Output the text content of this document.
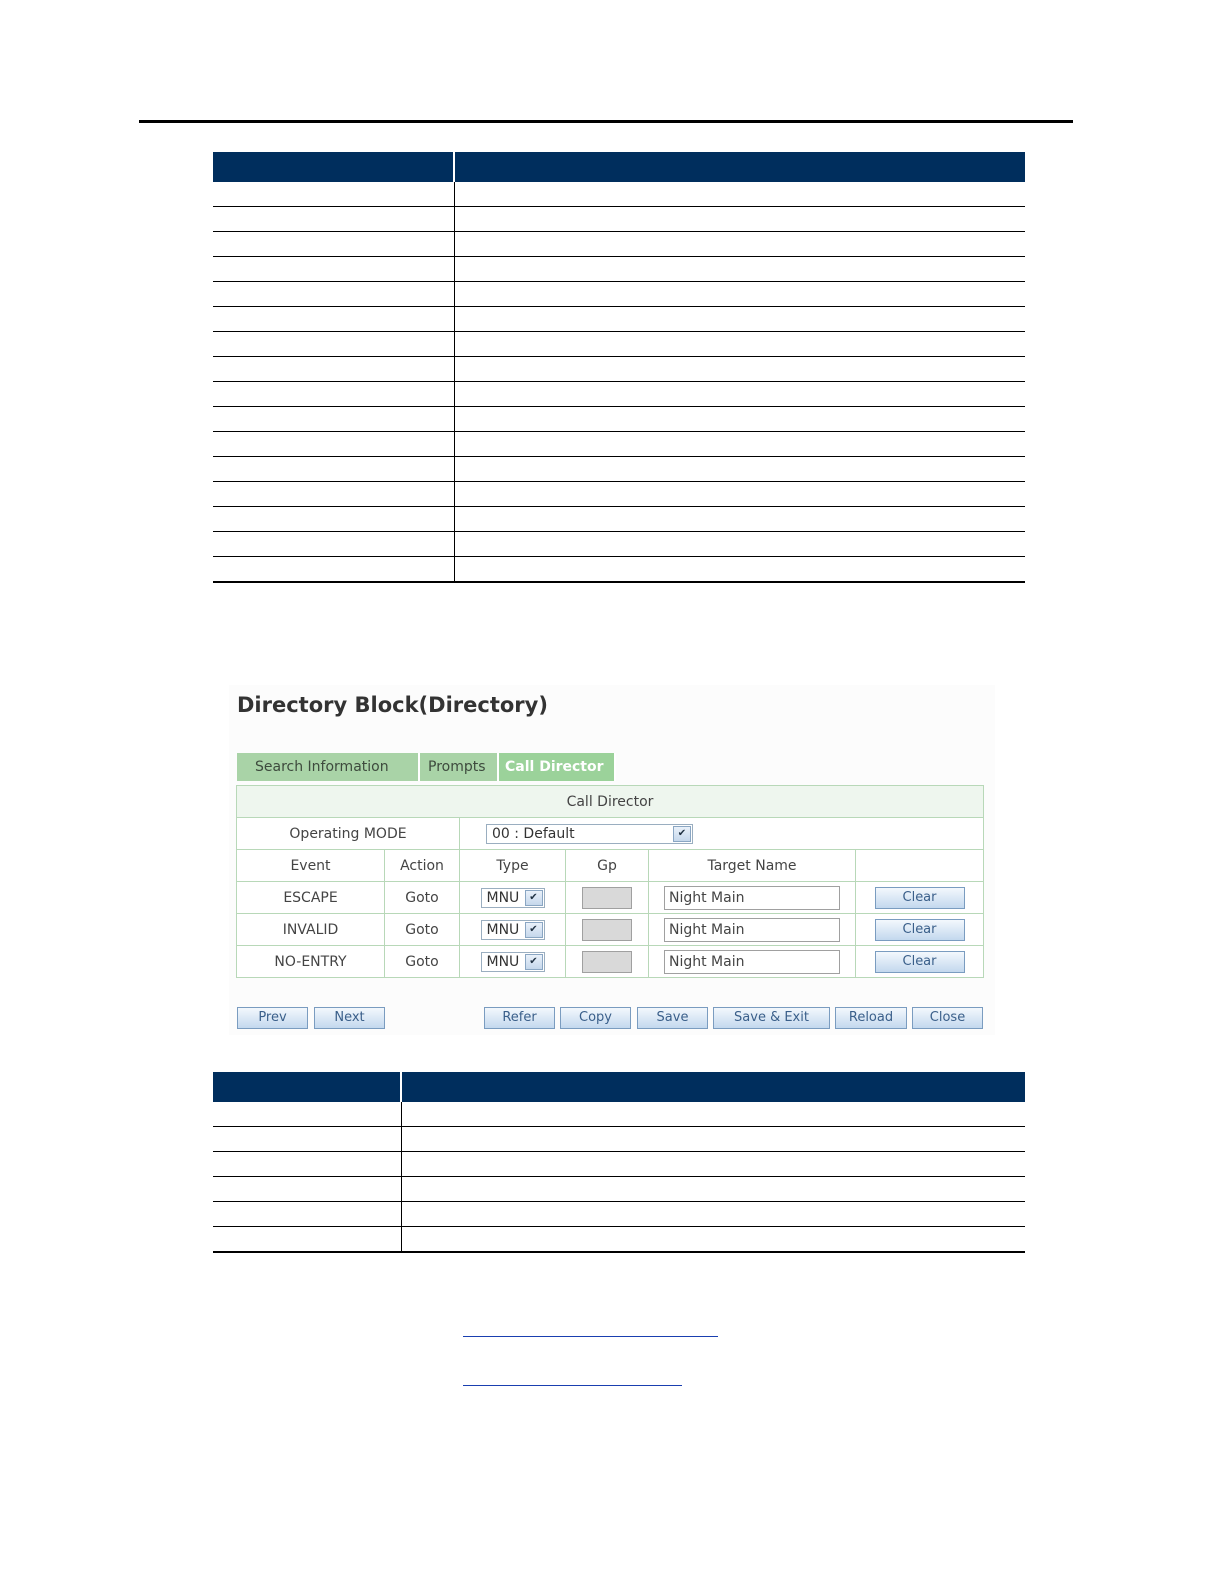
Directory Block(Directory)
Search Information	Prompts	Call Director
Call Director					
Operating MODE		00 : Default ✔			

Event	Action	Type	Gp	Target Name	
ESCAPE	Goto	MNU ✔		Night Main	Clear
INVALID	Goto	MNU ✔		Night Main	Clear
NO-ENTRY	Goto	MNU ✔		Night Main	Clear
Prev	Next	Refer	Copy	Save	Save & Exit	Reload	Close
